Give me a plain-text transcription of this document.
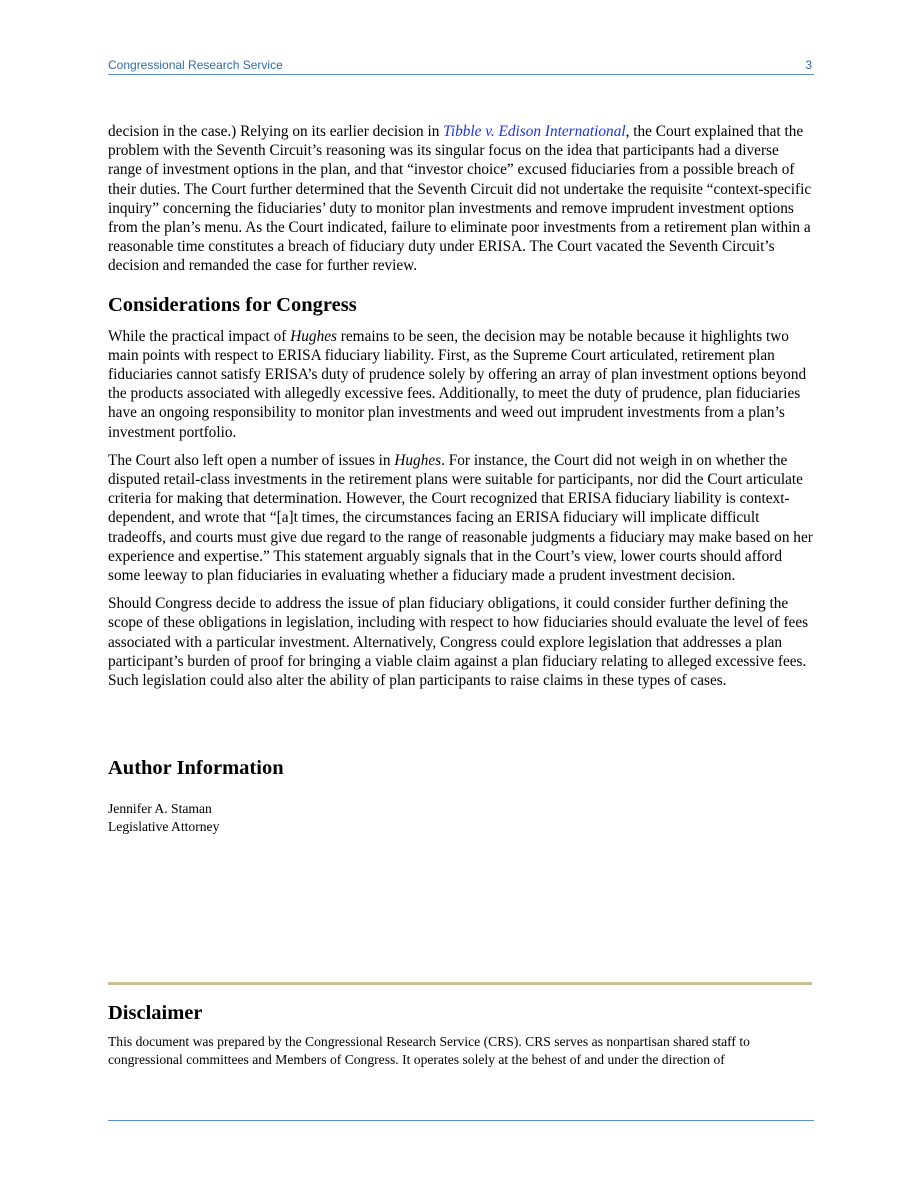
Congressional Research Service	3

decision in the case.) Relying on its earlier decision in Tibble v. Edison International, the Court explained that the problem with the Seventh Circuit’s reasoning was its singular focus on the idea that participants had a diverse range of investment options in the plan, and that “investor choice” excused fiduciaries from a possible breach of their duties. The Court further determined that the Seventh Circuit did not undertake the requisite “context-specific inquiry” concerning the fiduciaries’ duty to monitor plan investments and remove imprudent investment options from the plan’s menu. As the Court indicated, failure to eliminate poor investments from a retirement plan within a reasonable time constitutes a breach of fiduciary duty under ERISA. The Court vacated the Seventh Circuit’s decision and remanded the case for further review.

Considerations for Congress

While the practical impact of Hughes remains to be seen, the decision may be notable because it highlights two main points with respect to ERISA fiduciary liability. First, as the Supreme Court articulated, retirement plan fiduciaries cannot satisfy ERISA’s duty of prudence solely by offering an array of plan investment options beyond the products associated with allegedly excessive fees. Additionally, to meet the duty of prudence, plan fiduciaries have an ongoing responsibility to monitor plan investments and weed out imprudent investments from a plan’s investment portfolio.

The Court also left open a number of issues in Hughes. For instance, the Court did not weigh in on whether the disputed retail-class investments in the retirement plans were suitable for participants, nor did the Court articulate criteria for making that determination. However, the Court recognized that ERISA fiduciary liability is context-dependent, and wrote that “[a]t times, the circumstances facing an ERISA fiduciary will implicate difficult tradeoffs, and courts must give due regard to the range of reasonable judgments a fiduciary may make based on her experience and expertise.” This statement arguably signals that in the Court’s view, lower courts should afford some leeway to plan fiduciaries in evaluating whether a fiduciary made a prudent investment decision.

Should Congress decide to address the issue of plan fiduciary obligations, it could consider further defining the scope of these obligations in legislation, including with respect to how fiduciaries should evaluate the level of fees associated with a particular investment. Alternatively, Congress could explore legislation that addresses a plan participant’s burden of proof for bringing a viable claim against a plan fiduciary relating to alleged excessive fees. Such legislation could also alter the ability of plan participants to raise claims in these types of cases.

Author Information
Jennifer A. Staman
Legislative Attorney
Disclaimer

This document was prepared by the Congressional Research Service (CRS). CRS serves as nonpartisan shared staff to congressional committees and Members of Congress. It operates solely at the behest of and under the direction of
